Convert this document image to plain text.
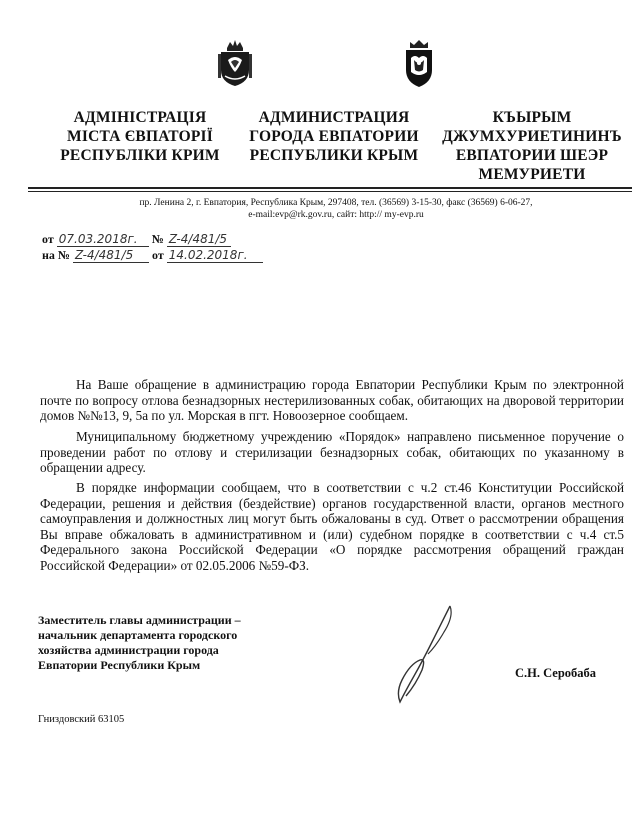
АДМІНІСТРАЦІЯ
МІСТА ЄВПАТОРІЇ
РЕСПУБЛІКИ КРИМ
АДМИНИСТРАЦИЯ
ГОРОДА ЕВПАТОРИИ
РЕСПУБЛИКИ КРЫМ
КЪЫРЫМ
ДЖУМХУРИЕТИНИНЪ
ЕВПАТОРИИ ШЕЭР
МЕМУРИЕТИ
пр. Ленина 2, г. Евпатория, Республика Крым, 297408, тел. (36569) 3-15-30, факс (36569) 6-06-27,
e-mail:evp@rk.gov.ru, сайт: http:// my-evp.ru
от 07.03.2018г. № Z-4/481/5
на № Z-4/481/5 от 14.02.2018г.

На Ваше обращение в администрацию города Евпатории Республики Крым по электронной почте по вопросу отлова безнадзорных нестерилизованных собак, обитающих на дворовой территории домов №№13, 9, 5а по ул. Морская в пгт. Новоозерное сообщаем.

Муниципальному бюджетному учреждению «Порядок» направлено письменное поручение о проведении работ по отлову и стерилизации безнадзорных собак, обитающих по указанному в обращении адресу.

В порядке информации сообщаем, что в соответствии с ч.2 ст.46 Конституции Российской Федерации, решения и действия (бездействие) органов государственной власти, органов местного самоуправления и должностных лиц могут быть обжалованы в суд. Ответ о рассмотрении обращения Вы вправе обжаловать в административном и (или) судебном порядке в соответствии с ч.4 ст.5 Федерального закона Российской Федерации «О порядке рассмотрения обращений граждан Российской Федерации» от 02.05.2006 №59-ФЗ.

Заместитель главы администрации –
начальник департамента городского
хозяйства администрации города
Евпатории Республики Крым
С.Н. Серобаба
Гниздовский 63105
